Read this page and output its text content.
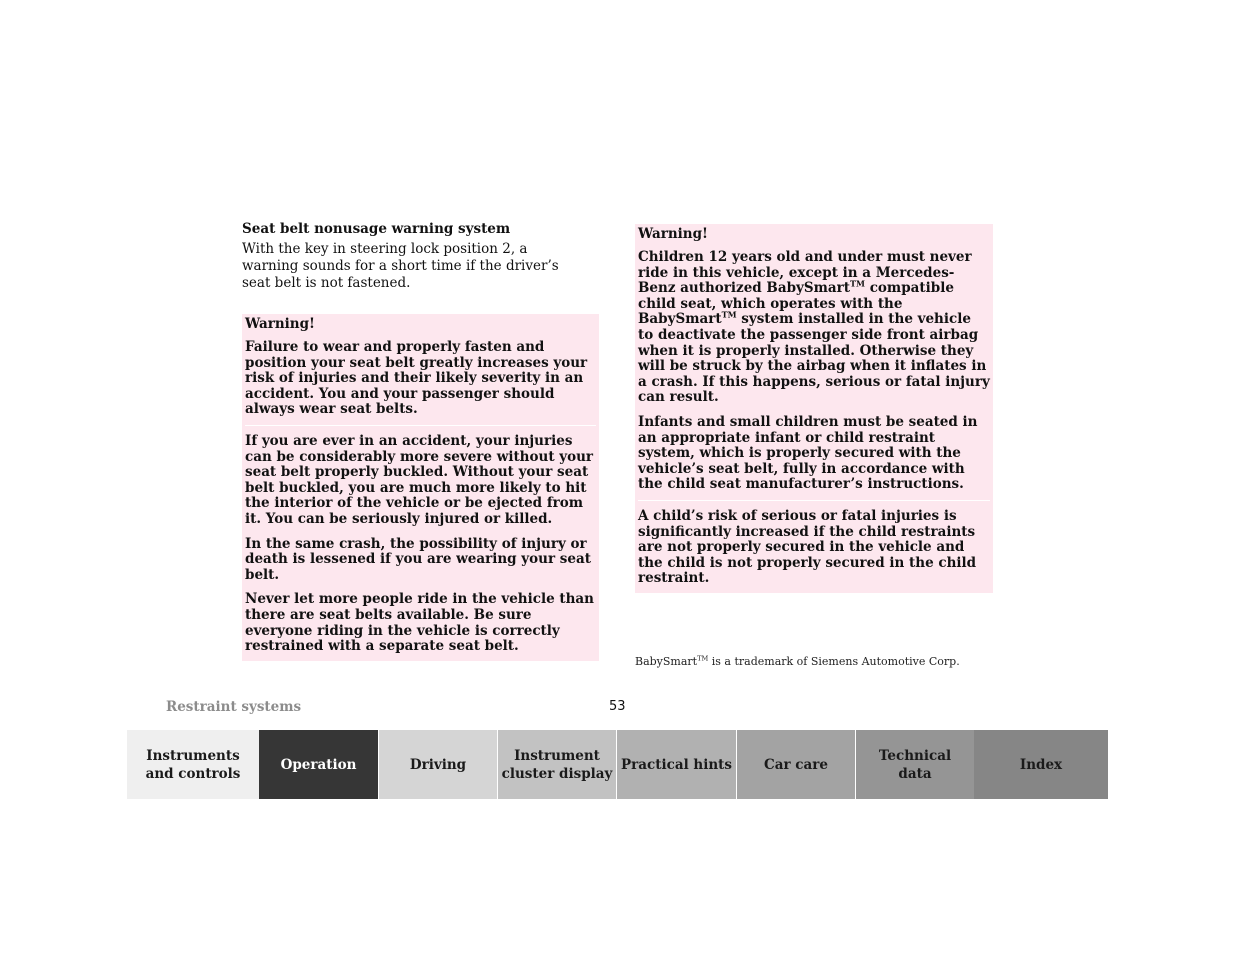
Seat belt nonusage warning system
With the key in steering lock position 2, a warning sounds for a short time if the driver’s seat belt is not fastened.
Warning!
Failure to wear and properly fasten and position your seat belt greatly increases your risk of injuries and their likely severity in an accident. You and your passenger should always wear seat belts.
If you are ever in an accident, your injuries can be considerably more severe without your seat belt properly buckled. Without your seat belt buckled, you are much more likely to hit the interior of the vehicle or be ejected from it. You can be seriously injured or killed.
In the same crash, the possibility of injury or death is lessened if you are wearing your seat belt.
Never let more people ride in the vehicle than there are seat belts available. Be sure everyone riding in the vehicle is correctly restrained with a separate seat belt.
Warning!
Children 12 years old and under must never ride in this vehicle, except in a Mercedes-Benz authorized BabySmart™ compatible child seat, which operates with the BabySmart™ system installed in the vehicle to deactivate the passenger side front airbag when it is properly installed. Otherwise they will be struck by the airbag when it inflates in a crash. If this happens, serious or fatal injury can result.
Infants and small children must be seated in an appropriate infant or child restraint system, which is properly secured with the vehicle’s seat belt, fully in accordance with the child seat manufacturer’s instructions.
A child’s risk of serious or fatal injuries is significantly increased if the child restraints are not properly secured in the vehicle and the child is not properly secured in the child restraint.
BabySmart™ is a trademark of Siemens Automotive Corp.
Restraint systems	53
Instruments
and controls
Operation	Driving
Instrument
cluster display
Practical hints	Car care
Technical
data
Index
